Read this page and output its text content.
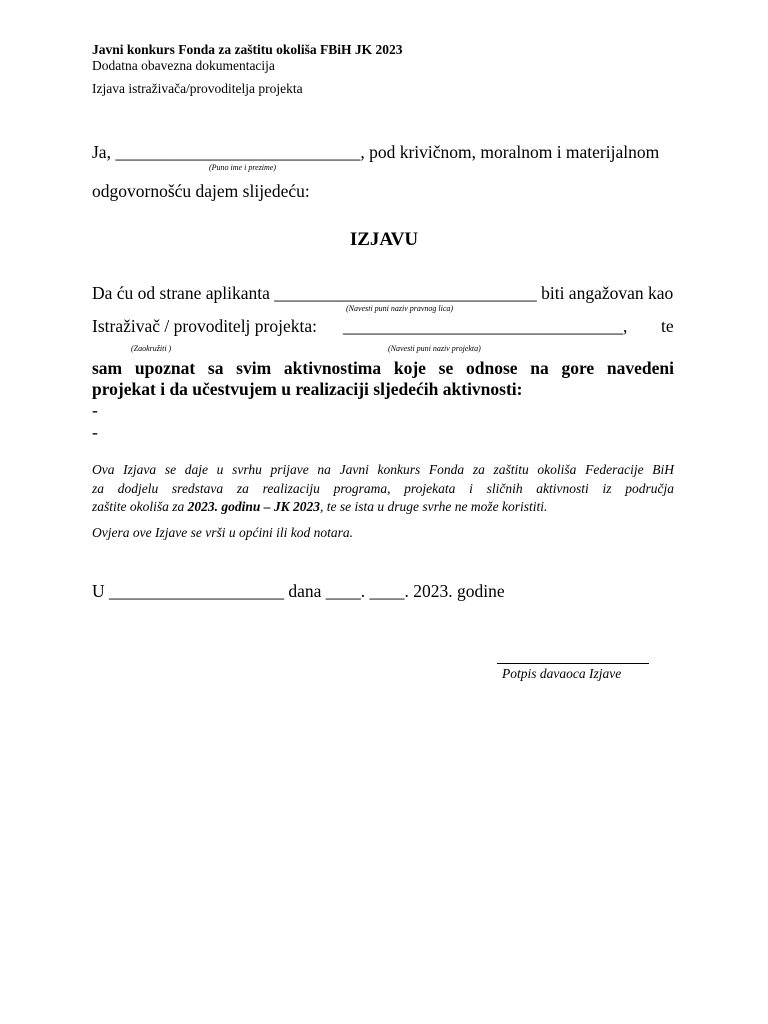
Javni konkurs Fonda za zaštitu okoliša FBiH JK 2023
Dodatna obavezna dokumentacija
Izjava istraživača/provoditelja projekta
Ja, ____________________________, pod krivičnom, moralnom i materijalnom
(Puno ime i prezime)
odgovornošću dajem slijedeću:
IZJAVU
Da ću od strane aplikanta ______________________________ biti angažovan kao
(Navesti puni naziv pravnog lica)
Istraživač / provoditelj projekta: ________________________________, te
(Zaokružiti )	(Navesti puni naziv projekta)
sam upoznat sa svim aktivnostima koje se odnose na gore navedeni
projekat i da učestvujem u realizaciji sljedećih aktivnosti:
-
-
Ova Izjava se daje u svrhu prijave na Javni konkurs Fonda za zaštitu okoliša Federacije BiH
za dodjelu sredstava za realizaciju programa, projekata i sličnih aktivnosti iz područja
zaštite okoliša za 2023. godinu – JK 2023, te se ista u druge svrhe ne može koristiti.
Ovjera ove Izjave se vrši u općini ili kod notara.
U ____________________ dana ____. ____. 2023. godine
Potpis davaoca Izjave
